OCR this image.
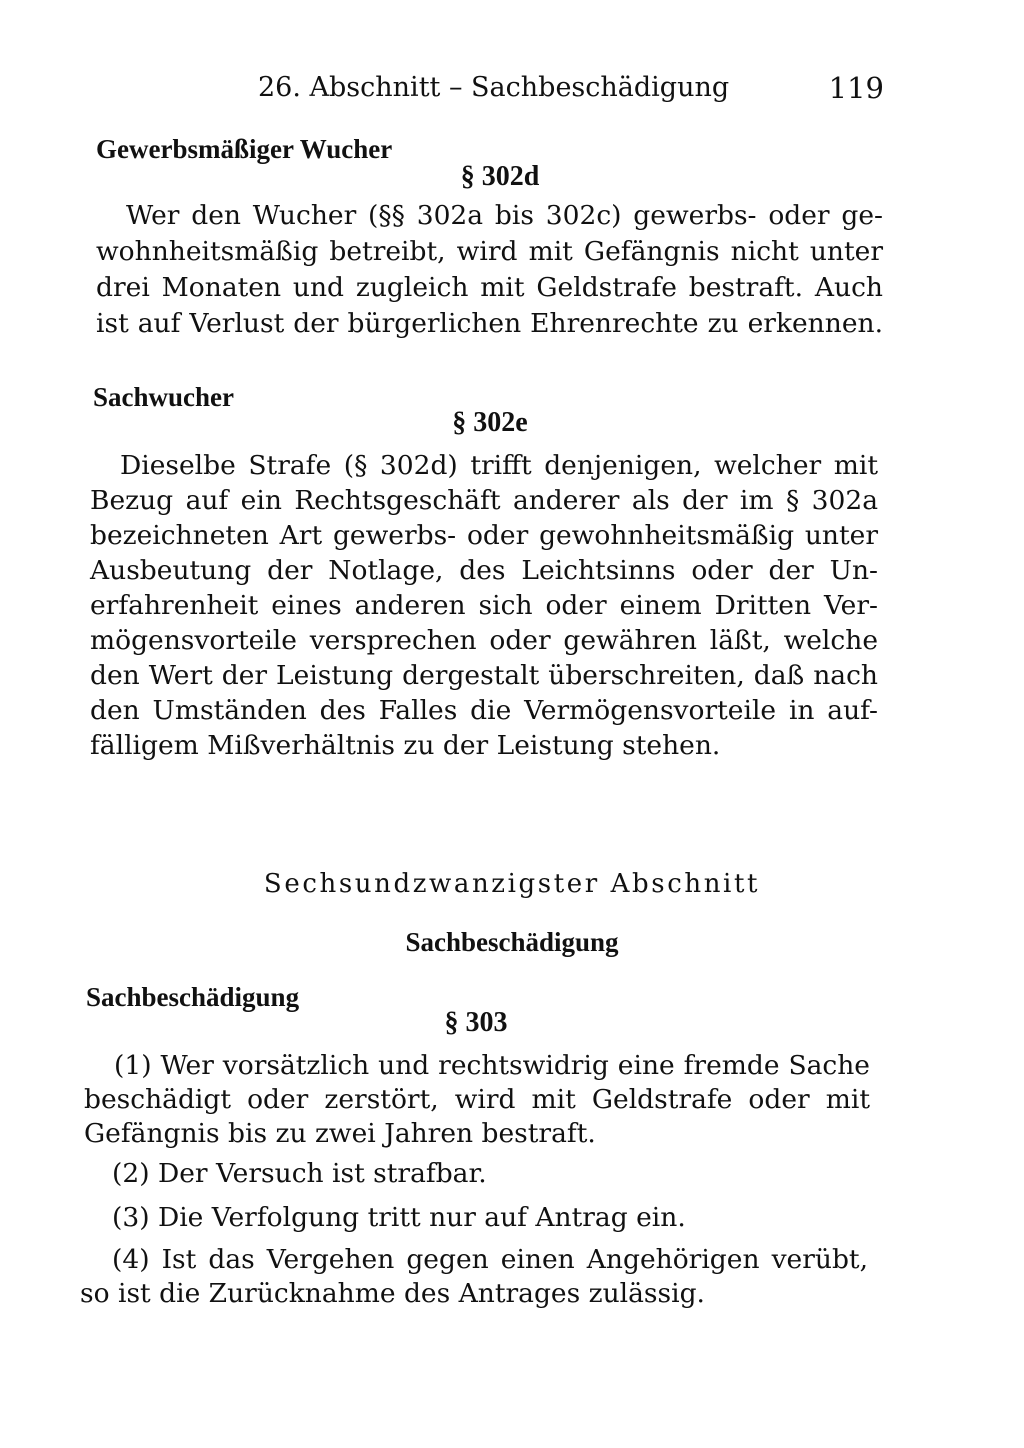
26. Abschnitt – Sachbeschädigung	119
Gewerbsmäßiger Wucher
§ 302d
Wer den Wucher (§§ 302a bis 302c) gewerbs- oder ge-
wohnheitsmäßig betreibt, wird mit Gefängnis nicht unter
drei Monaten und zugleich mit Geldstrafe bestraft. Auch
ist auf Verlust der bürgerlichen Ehrenrechte zu erkennen.
Sachwucher
§ 302e
Dieselbe Strafe (§ 302d) trifft denjenigen, welcher mit
Bezug auf ein Rechtsgeschäft anderer als der im § 302a
bezeichneten Art gewerbs- oder gewohnheitsmäßig unter
Ausbeutung der Notlage, des Leichtsinns oder der Un-
erfahrenheit eines anderen sich oder einem Dritten Ver-
mögensvorteile versprechen oder gewähren läßt, welche
den Wert der Leistung dergestalt überschreiten, daß nach
den Umständen des Falles die Vermögensvorteile in auf-
fälligem Mißverhältnis zu der Leistung stehen.
Sechsundzwanzigster Abschnitt
Sachbeschädigung
Sachbeschädigung
§ 303
(1) Wer vorsätzlich und rechtswidrig eine fremde Sache
beschädigt oder zerstört, wird mit Geldstrafe oder mit
Gefängnis bis zu zwei Jahren bestraft.
(2) Der Versuch ist strafbar.
(3) Die Verfolgung tritt nur auf Antrag ein.
(4) Ist das Vergehen gegen einen Angehörigen verübt,
so ist die Zurücknahme des Antrages zulässig.
